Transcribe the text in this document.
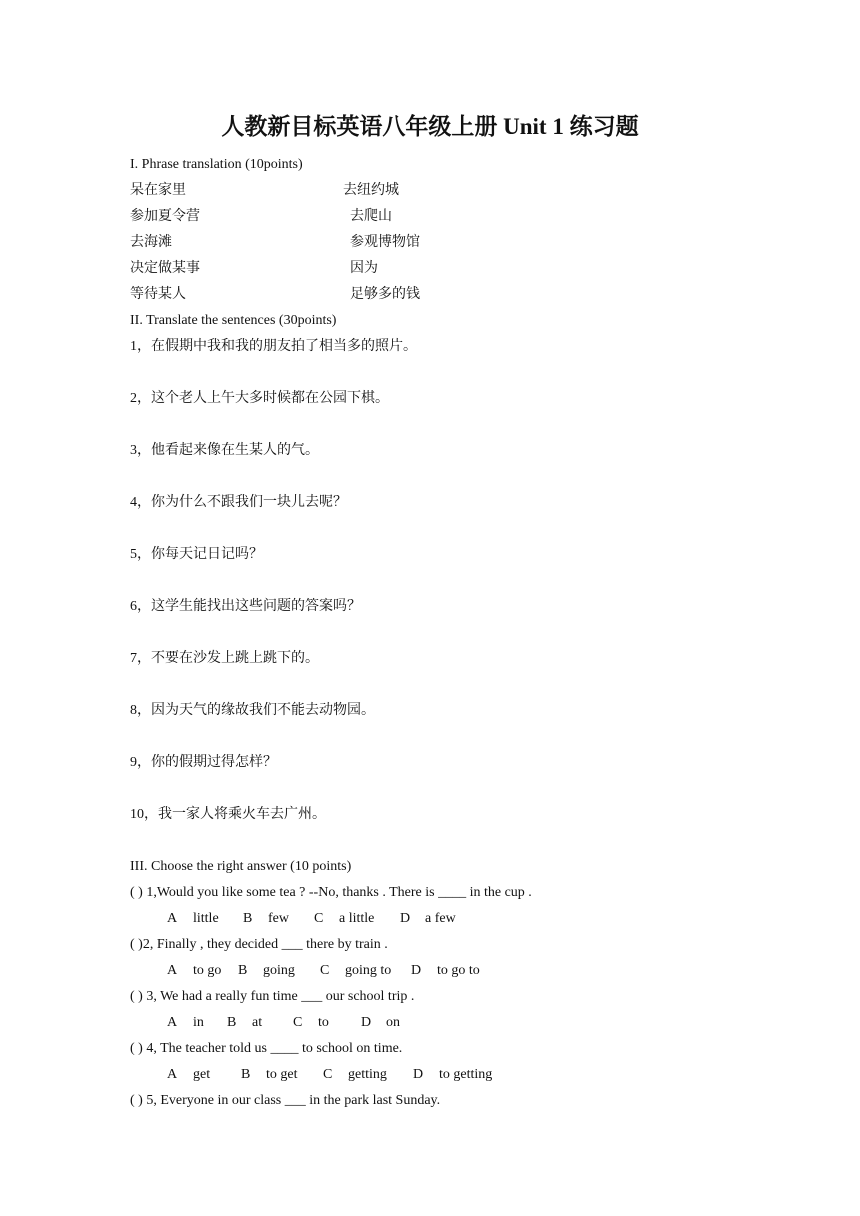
人教新目标英语八年级上册 Unit 1 练习题
I. Phrase translation (10points)
呆在家里	去纽约城
参加夏令营	去爬山
去海滩	参观博物馆
决定做某事	因为
等待某人	足够多的钱
II. Translate the sentences (30points)
1，在假期中我和我的朋友拍了相当多的照片。
2，这个老人上午大多时候都在公园下棋。
3，他看起来像在生某人的气。
4，你为什么不跟我们一块儿去呢？
5，你每天记日记吗？
6，这学生能找出这些问题的答案吗？
7，不要在沙发上跳上跳下的。
8，因为天气的缘故我们不能去动物园。
9，你的假期过得怎样？
10，我一家人将乘火车去广州。
III. Choose the right answer (10 points)
( ) 1,Would you like some tea ? --No, thanks . There is ____ in the cup .
A little B few C a little D a few
( )2, Finally , they decided ___ there by train .
A to go B going C going to D to go to
( ) 3, We had a really fun time ___ our school trip .
A in B at C to D on
( ) 4, The teacher told us ____ to school on time.
A get B to get C getting D to getting
( ) 5, Everyone in our class ___ in the park last Sunday.
